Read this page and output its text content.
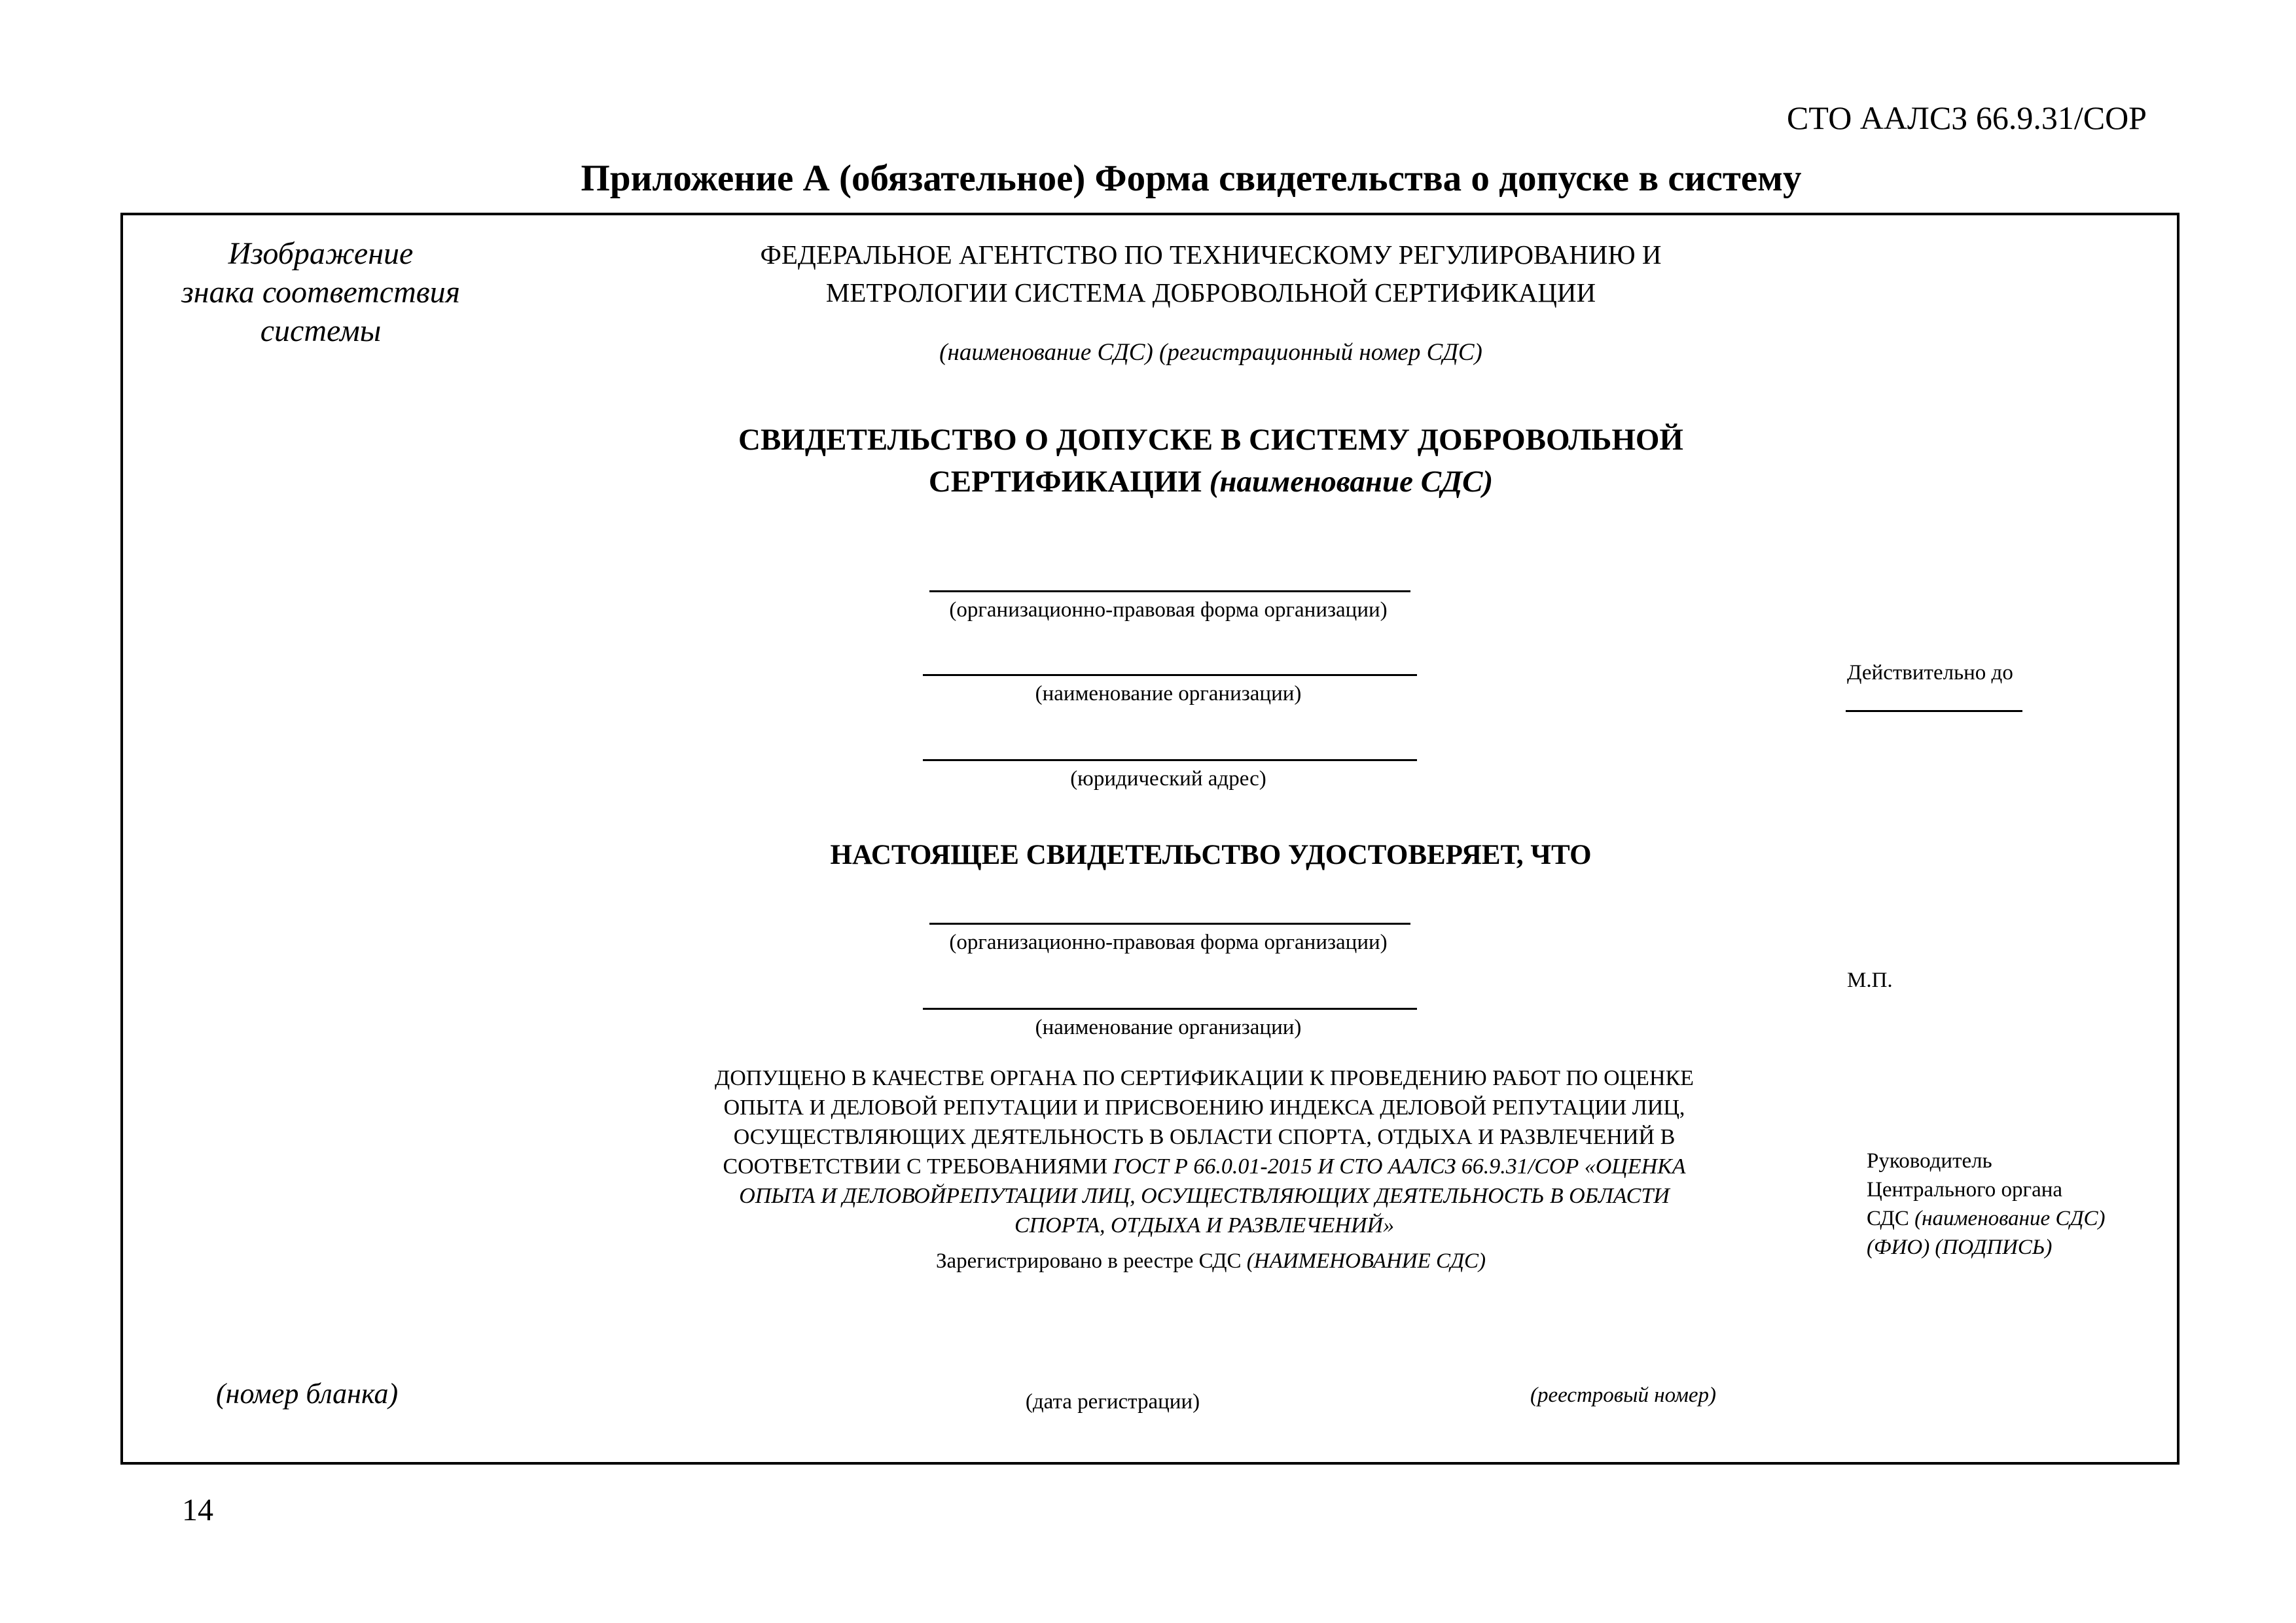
СТО ААЛСЗ 66.9.31/СОР
Приложение А (обязательное) Форма свидетельства о допуске в систему
Изображение
знака соответствия
системы
ФЕДЕРАЛЬНОЕ АГЕНТСТВО ПО ТЕХНИЧЕСКОМУ РЕГУЛИРОВАНИЮ И
МЕТРОЛОГИИ СИСТЕМА ДОБРОВОЛЬНОЙ СЕРТИФИКАЦИИ
(наименование СДС) (регистрационный номер СДС)
СВИДЕТЕЛЬСТВО О ДОПУСКЕ В СИСТЕМУ ДОБРОВОЛЬНОЙ
СЕРТИФИКАЦИИ (наименование СДС)
(организационно-правовая форма организации)
(наименование организации)
(юридический адрес)
НАСТОЯЩЕЕ СВИДЕТЕЛЬСТВО УДОСТОВЕРЯЕТ, ЧТО
(организационно-правовая форма организации)
(наименование организации)
ДОПУЩЕНО В КАЧЕСТВЕ ОРГАНА ПО СЕРТИФИКАЦИИ К ПРОВЕДЕНИЮ РАБОТ ПО ОЦЕНКЕ
ОПЫТА И ДЕЛОВОЙ РЕПУТАЦИИ И ПРИСВОЕНИЮ ИНДЕКСА ДЕЛОВОЙ РЕПУТАЦИИ ЛИЦ,
ОСУЩЕСТВЛЯЮЩИХ ДЕЯТЕЛЬНОСТЬ В ОБЛАСТИ СПОРТА, ОТДЫХА И РАЗВЛЕЧЕНИЙ В
СООТВЕТСТВИИ С ТРЕБОВАНИЯМИ ГОСТ Р 66.0.01-2015 И СТО ААЛСЗ 66.9.31/СОР «ОЦЕНКА
ОПЫТА И ДЕЛОВОЙРЕПУТАЦИИ ЛИЦ, ОСУЩЕСТВЛЯЮЩИХ ДЕЯТЕЛЬНОСТЬ В ОБЛАСТИ
СПОРТА, ОТДЫХА И РАЗВЛЕЧЕНИЙ»
Зарегистрировано в реестре СДС (НАИМЕНОВАНИЕ СДС)
Действительно до
М.П.
Руководитель
Центрального органа
СДС (наименование СДС)
(ФИО) (ПОДПИСЬ)
(номер бланка)	(дата регистрации)	(реестровый номер)
14
